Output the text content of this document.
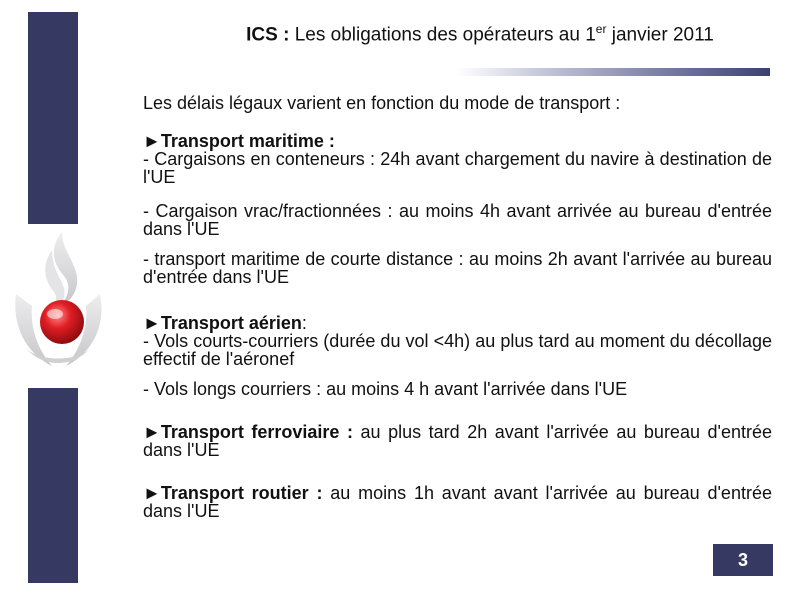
ICS : Les obligations des opérateurs au 1er janvier 2011

Les délais légaux varient en fonction du mode de transport :

►Transport maritime :

- Cargaisons en conteneurs : 24h avant chargement du navire à destination de l'UE

- Cargaison vrac/fractionnées : au moins 4h avant arrivée au bureau d'entrée dans l'UE

- transport maritime de courte distance : au moins 2h avant l'arrivée au bureau d'entrée dans l'UE

►Transport aérien:

- Vols courts-courriers (durée du vol <4h) au plus tard au moment du décollage effectif de l'aéronef

- Vols longs courriers : au moins 4 h avant l'arrivée dans l'UE

►Transport ferroviaire : au plus tard 2h avant l'arrivée au bureau d'entrée dans l'UE

►Transport routier : au moins 1h avant avant l'arrivée au bureau d'entrée dans l'UE

3
